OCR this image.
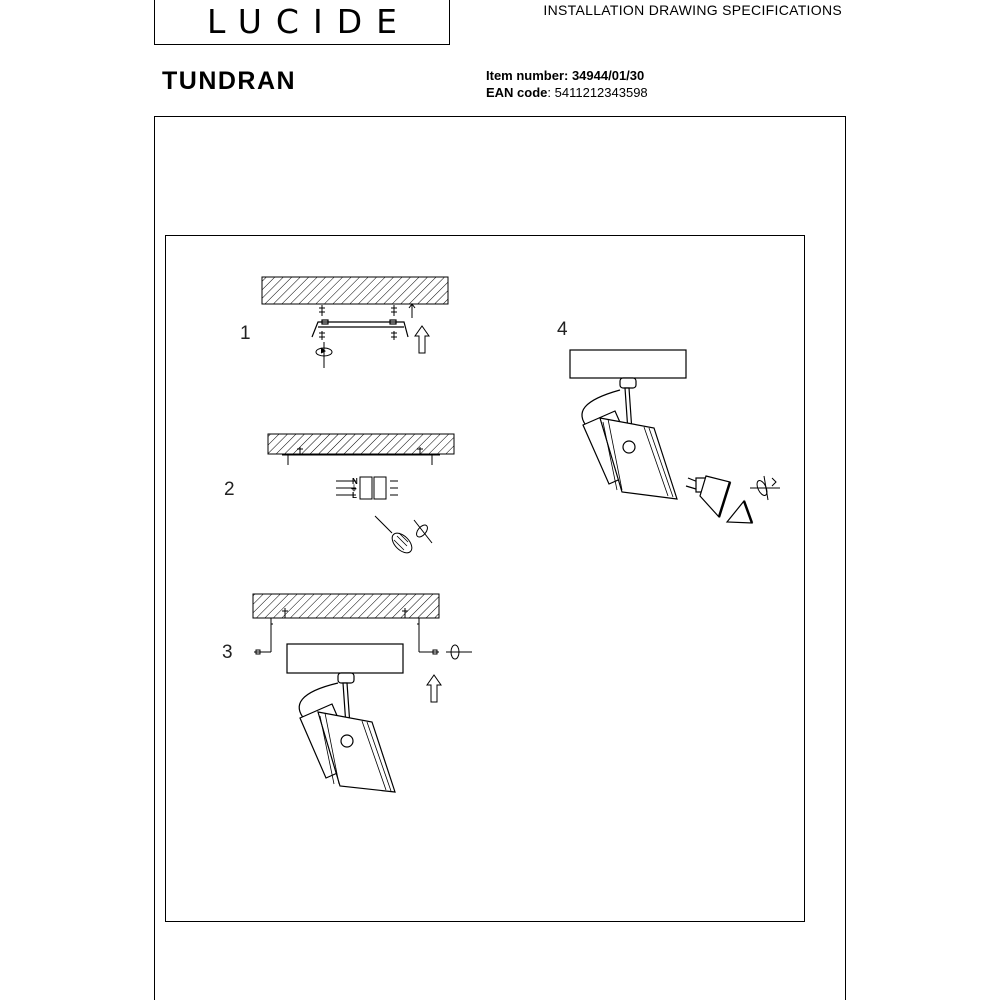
LUCIDE	INSTALLATION DRAWING SPECIFICATIONS
TUNDRAN	Item number: 34944/01/30
EAN code: 5411212343598
1
2	N
⏚
L
3
4
